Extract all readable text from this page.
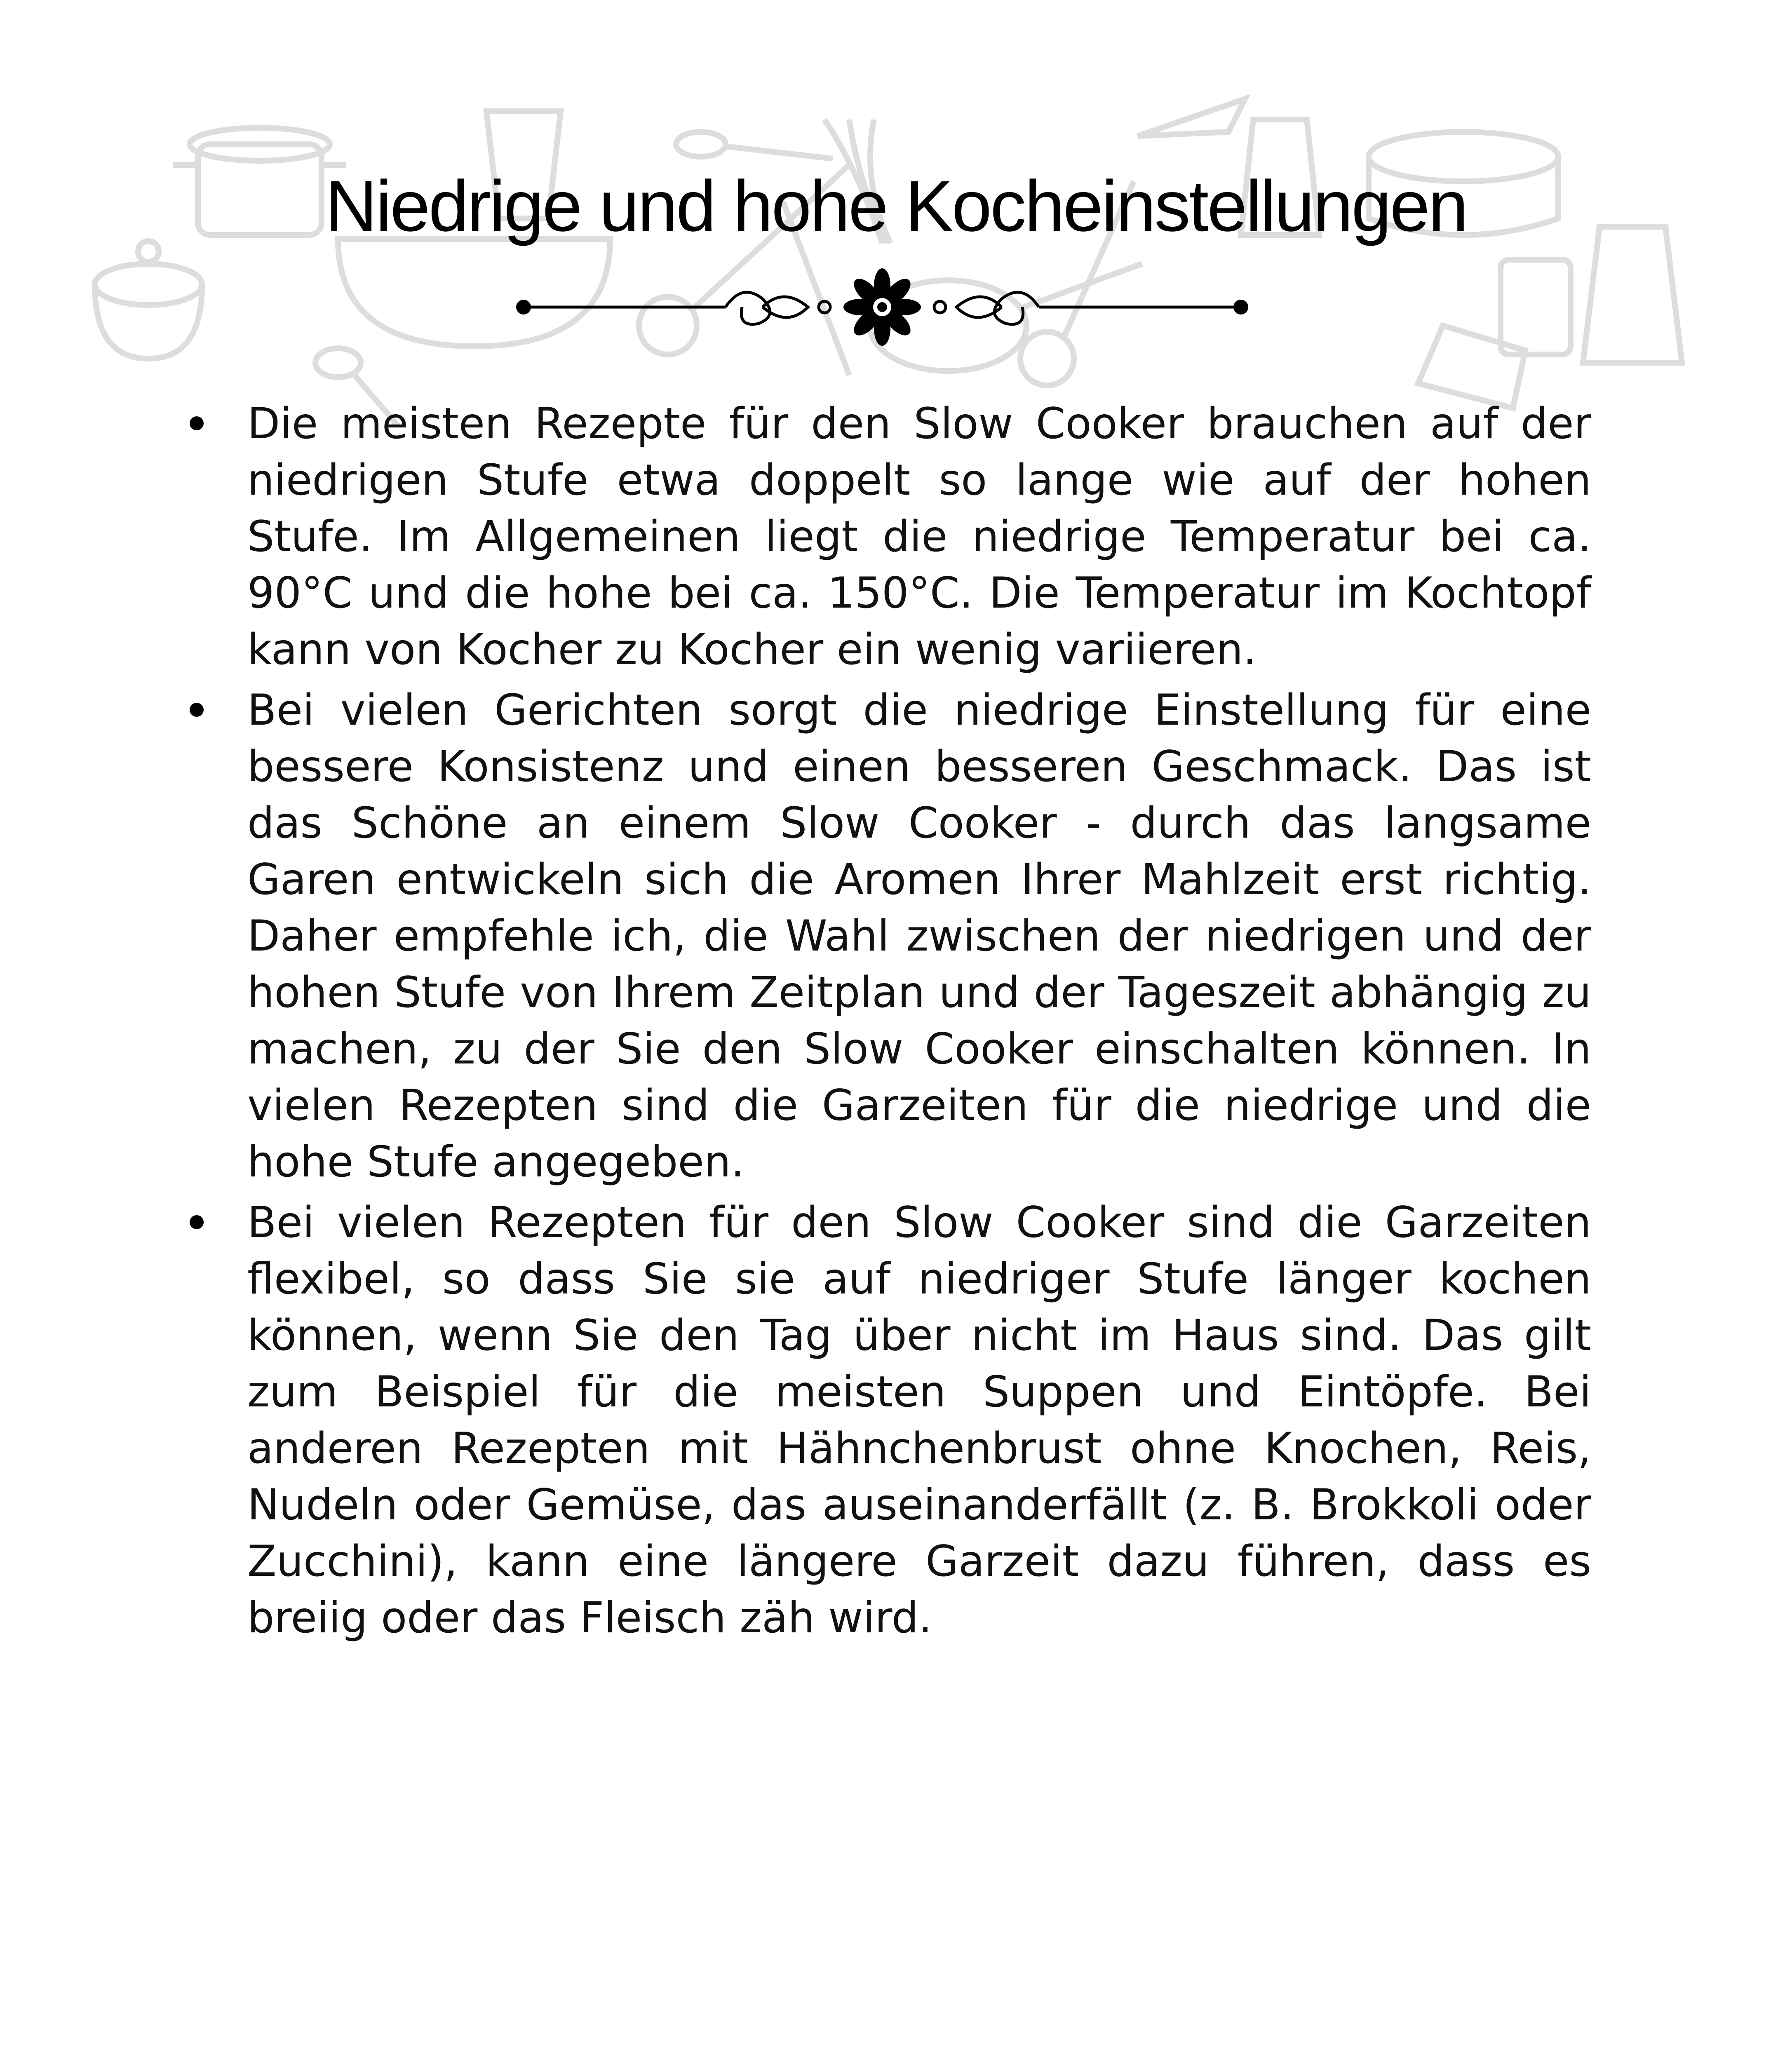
Niedrige und hohe Kocheinstellungen
Die meisten Rezepte für den Slow Cooker brauchen auf der niedrigen Stufe etwa doppelt so lange wie auf der hohen Stufe. Im Allgemeinen liegt die niedrige Temperatur bei ca. 90°C und die hohe bei ca. 150°C. Die Temperatur im Kochtopf kann von Kocher zu Kocher ein wenig variieren.
Bei vielen Gerichten sorgt die niedrige Einstellung für eine bessere Konsistenz und einen besseren Geschmack. Das ist das Schöne an einem Slow Cooker - durch das langsame Garen entwickeln sich die Aromen Ihrer Mahlzeit erst richtig. Daher empfehle ich, die Wahl zwischen der niedrigen und der hohen Stufe von Ihrem Zeitplan und der Tageszeit abhängig zu machen, zu der Sie den Slow Cooker einschalten können. In vielen Rezepten sind die Garzeiten für die niedrige und die hohe Stufe angegeben.
Bei vielen Rezepten für den Slow Cooker sind die Garzeiten flexibel, so dass Sie sie auf niedriger Stufe länger kochen können, wenn Sie den Tag über nicht im Haus sind. Das gilt zum Beispiel für die meisten Suppen und Eintöpfe. Bei anderen Rezepten mit Hähnchenbrust ohne Knochen, Reis, Nudeln oder Gemüse, das auseinanderfällt (z. B. Brokkoli oder Zucchini), kann eine längere Garzeit dazu führen, dass es breiig oder das Fleisch zäh wird.
